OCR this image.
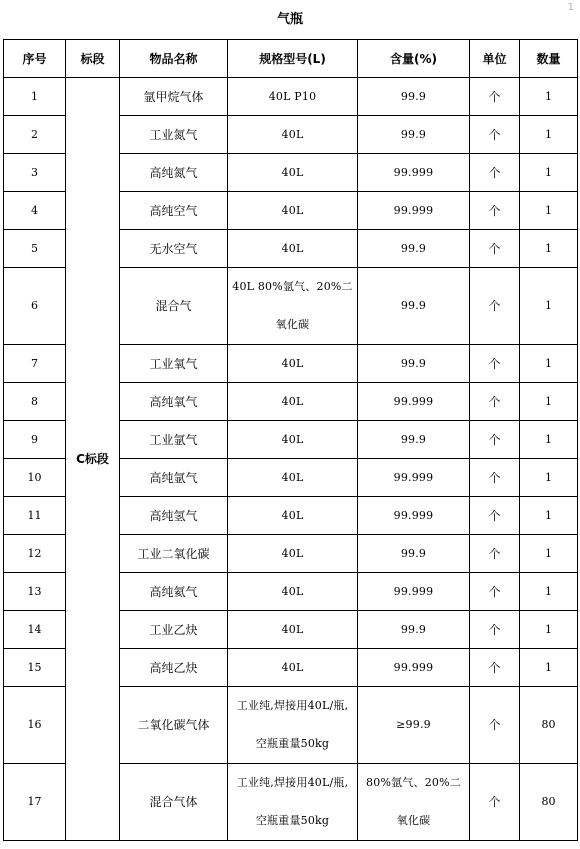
1
气瓶
序号	标段	物品名称	规格型号(L)	含量(%)	单位	数量
1	C标段	氩甲烷气体	40L P10	99.9	个	1
2		工业氮气	40L	99.9	个	1
3		高纯氮气	40L	99.999	个	1
4		高纯空气	40L	99.999	个	1
5		无水空气	40L	99.9	个	1
6		混合气	40L 80%氩气、20%二氧化碳	99.9	个	1
7		工业氧气	40L	99.9	个	1
8		高纯氧气	40L	99.999	个	1
9		工业氩气	40L	99.9	个	1
10		高纯氩气	40L	99.999	个	1
11		高纯氢气	40L	99.999	个	1
12		工业二氧化碳	40L	99.9	个	1
13		高纯氦气	40L	99.999	个	1
14		工业乙炔	40L	99.9	个	1
15		高纯乙炔	40L	99.999	个	1
16		二氧化碳气体	工业纯,焊接用40L/瓶,空瓶重量50kg	≥99.9	个	80
17		混合气体	工业纯,焊接用40L/瓶,空瓶重量50kg	80%氩气、20%二氧化碳	个	80
